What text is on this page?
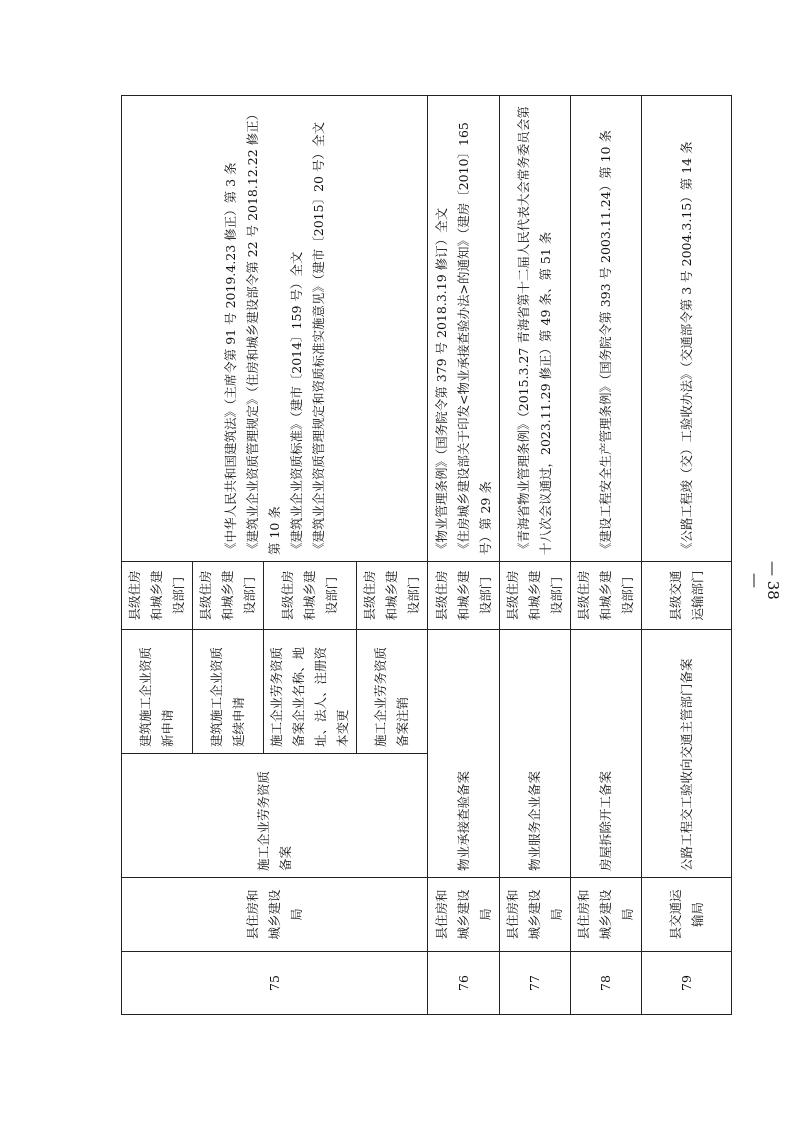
75	县住房和城乡建设局	施工企业劳务资质备案	建筑施工企业资质新申请	县级住房和城乡建设部门	《中华人民共和国建筑法》（主席令第 91 号 2019.4.23 修正）第 3 条 《建筑业企业资质管理规定》（住房和城乡建设部令第 22 号 2018.12.22 修正）第 10 条 《建筑业企业资质标准》（建市〔2014〕159 号）全文 《建筑业企业资质管理规定和资质标准实施意见》（建市〔2015〕20 号）全文

			建筑施工企业资质延续申请	县级住房和城乡建设部门	
			施工企业劳务资质备案企业名称、地址、法人、注册资本变更	县级住房和城乡建设部门	
			施工企业劳务资质备案注销	县级住房和城乡建设部门	
76	县住房和城乡建设局	物业承接查验备案		县级住房和城乡建设部门	《物业管理条例》（国务院令第 379 号 2018.3.19 修订）全文 《住房城乡建设部关于印发<物业承接查验办法>的通知》（建房〔2010〕165 号）第 29 条

77	县住房和城乡建设局	物业服务企业备案		县级住房和城乡建设部门	《青海省物业管理条例》（2015.3.27 青海省第十二届人民代表大会常务委员会第十八次会议通过，2023.11.29 修正）第 49 条、第 51 条

78	县住房和城乡建设局	房屋拆除开工备案		县级住房和城乡建设部门	《建设工程安全生产管理条例》（国务院令第 393 号 2003.11.24）第 10 条

79	县交通运输局	公路工程交工验收向交通主管部门备案		县级交通运输部门	《公路工程竣（交）工验收办法》（交通部令第 3 号 2004.3.15）第 14 条

— 38 —
